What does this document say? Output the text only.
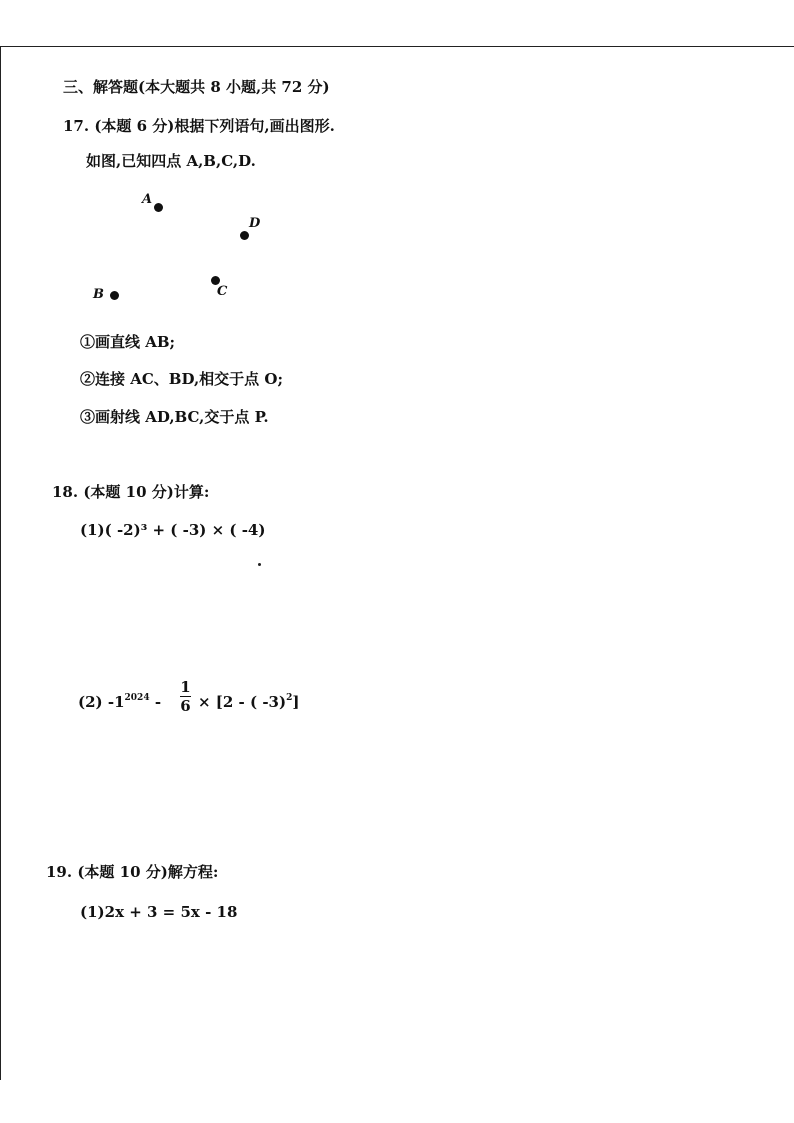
三、解答题(本大题共 8 小题,共 72 分)
17. (本题 6 分)根据下列语句,画出图形.
如图,已知四点 A,B,C,D.
A
D
C
B
①画直线 AB;
②连接 AC、BD,相交于点 O;
③画射线 AD,BC,交于点 P.
18. (本题 10 分)计算:
(1)( -2)³ + ( -3) × ( -4)
(2) $-1^{2024}$ -
1
6 × [2 - ( -3)$^2$]
19. (本题 10 分)解方程:
(1)2x + 3 = 5x - 18
